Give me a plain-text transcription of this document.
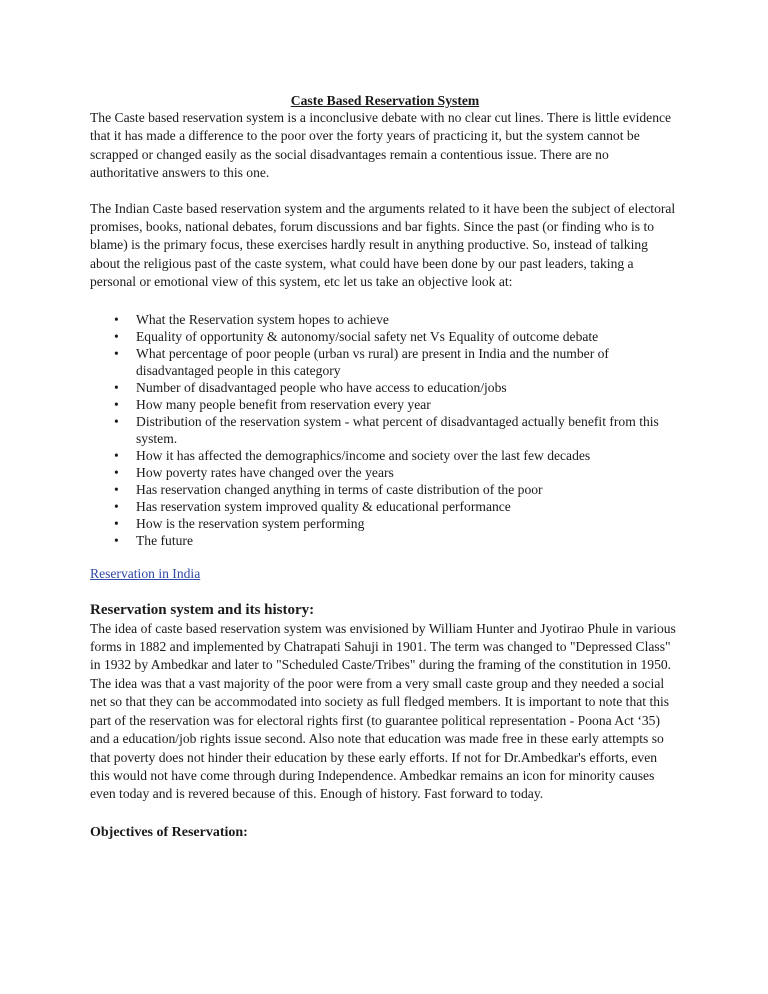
Caste Based Reservation System

The Caste based reservation system is a inconclusive debate with no clear cut lines. There is little evidence that it has made a difference to the poor over the forty years of practicing it, but the system cannot be scrapped or changed easily as the social disadvantages remain a contentious issue. There are no authoritative answers to this one.

The Indian Caste based reservation system and the arguments related to it have been the subject of electoral promises, books, national debates, forum discussions and bar fights. Since the past (or finding who is to blame) is the primary focus, these exercises hardly result in anything productive. So, instead of talking about the religious past of the caste system, what could have been done by our past leaders, taking a personal or emotional view of this system, etc let us take an objective look at:

• What the Reservation system hopes to achieve
• Equality of opportunity & autonomy/social safety net Vs Equality of outcome debate
• What percentage of poor people (urban vs rural) are present in India and the number of disadvantaged people in this category
• Number of disadvantaged people who have access to education/jobs
• How many people benefit from reservation every year
• Distribution of the reservation system - what percent of disadvantaged actually benefit from this system.
• How it has affected the demographics/income and society over the last few decades
• How poverty rates have changed over the years
• Has reservation changed anything in terms of caste distribution of the poor
• Has reservation system improved quality & educational performance
• How is the reservation system performing
• The future
Reservation in India
Reservation system and its history:

The idea of caste based reservation system was envisioned by William Hunter and Jyotirao Phule in various forms in 1882 and implemented by Chatrapati Sahuji in 1901. The term was changed to "Depressed Class" in 1932 by Ambedkar and later to "Scheduled Caste/Tribes" during the framing of the constitution in 1950. The idea was that a vast majority of the poor were from a very small caste group and they needed a social net so that they can be accommodated into society as full fledged members. It is important to note that this part of the reservation was for electoral rights first (to guarantee political representation - Poona Act ‘35) and a education/job rights issue second. Also note that education was made free in these early attempts so that poverty does not hinder their education by these early efforts. If not for Dr.Ambedkar's efforts, even this would not have come through during Independence. Ambedkar remains an icon for minority causes even today and is revered because of this. Enough of history. Fast forward to today.

Objectives of Reservation:
